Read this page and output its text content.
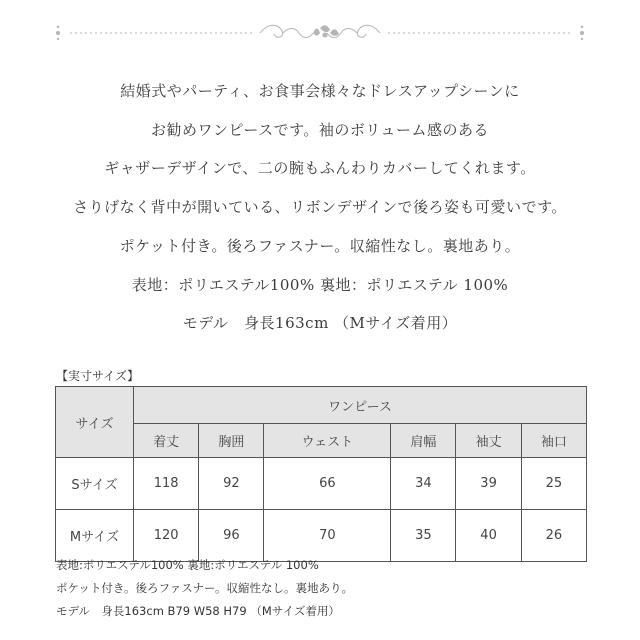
結婚式やパーティ、お食事会様々なドレスアップシーンに
お勧めワンピースです。袖のボリューム感のある
ギャザーデザインで、二の腕もふんわりカバーしてくれます。
さりげなく背中が開いている、リボンデザインで後ろ姿も可愛いです。
ポケット付き。後ろファスナー。収縮性なし。裏地あり。
表地：ポリエステル100% 裏地：ポリエステル 100%
モデル　身長163cm （Mサイズ着用）
【実寸サイズ】
サイズ	ワンピース					
	着丈	胸囲	ウェスト	肩幅	袖丈	袖口
Sサイズ	118	92	66	34	39	25
Mサイズ	120	96	70	35	40	26
表地:ポリエステル100% 裏地:ポリエステル 100%
ポケット付き。後ろファスナー。収縮性なし。裏地あり。
モデル　身長163cm B79 W58 H79 （Mサイズ着用）
